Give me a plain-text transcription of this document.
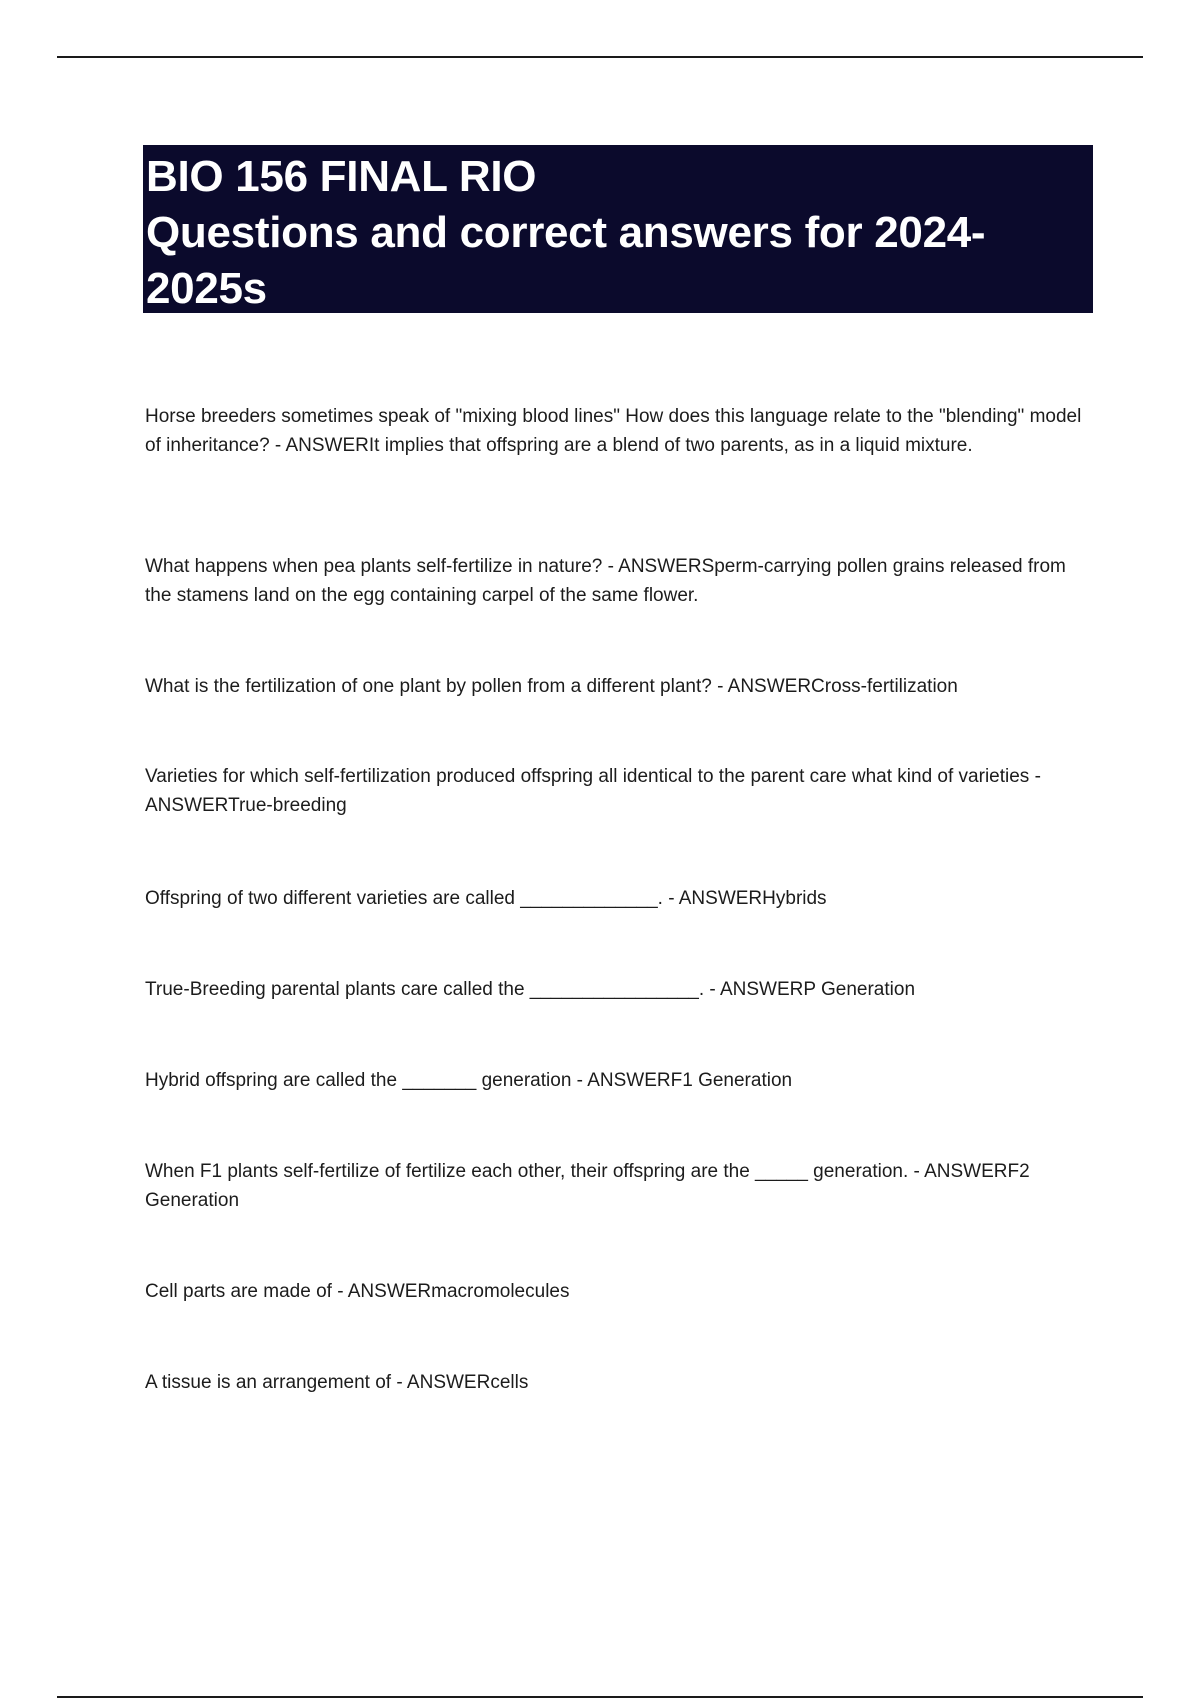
BIO 156 FINAL RIO
Questions and correct answers for 2024-
2025s
Horse breeders sometimes speak of "mixing blood lines" How does this language relate to the "blending" model of inheritance? - ANSWER	It implies that offspring are a blend of two parents, as in a liquid mixture.
What happens when pea plants self-fertilize in nature? - ANSWER	Sperm-carrying pollen grains released from the stamens land on the egg containing carpel of the same flower.
What is the fertilization of one plant by pollen from a different plant? - ANSWER	Cross-fertilization
Varieties for which self-fertilization produced offspring all identical to the parent care what kind of varieties - ANSWERTrue-breeding
Offspring of two different varieties are called _____________. - ANSWER	Hybrids
True-Breeding parental plants care called the ________________. - ANSWER	P Generation
Hybrid offspring are called the _______ generation - ANSWER	F1 Generation
When F1 plants self-fertilize of fertilize each other, their offspring are the _____ generation. - ANSWER	F2 Generation
Cell parts are made of - ANSWER	macromolecules
A tissue is an arrangement of - ANSWER	cells
